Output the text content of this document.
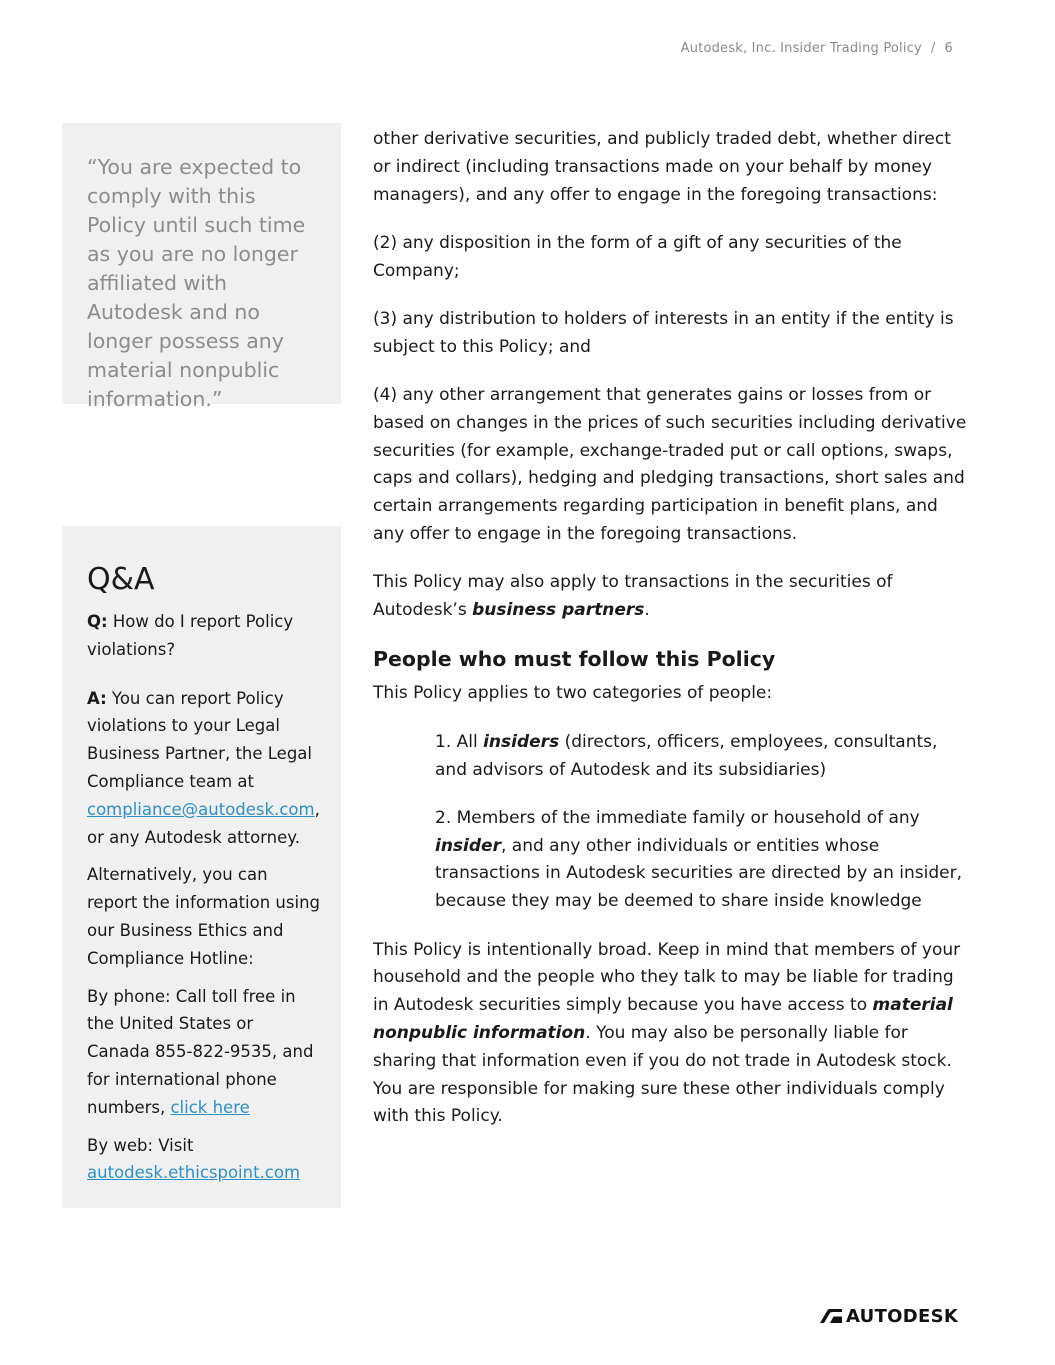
Autodesk, Inc. Insider Trading Policy / 6

“You are expected to comply with this Policy until such time as you are no longer affiliated with Autodesk and no longer possess any material nonpublic information.”

Q&A

Q: How do I report Policy violations?

A: You can report Policy violations to your Legal Business Partner, the Legal Compliance team at compliance@autodesk.com, or any Autodesk attorney.

Alternatively, you can report the information using our Business Ethics and Compliance Hotline:

By phone: Call toll free in the United States or Canada 855-822-9535, and for international phone numbers, click here

By web: Visit
autodesk.ethicspoint.com

other derivative securities, and publicly traded debt, whether direct or indirect (including transactions made on your behalf by money managers), and any offer to engage in the foregoing transactions:

(2) any disposition in the form of a gift of any securities of the Company;

(3) any distribution to holders of interests in an entity if the entity is subject to this Policy; and

(4) any other arrangement that generates gains or losses from or based on changes in the prices of such securities including derivative securities (for example, exchange-traded put or call options, swaps, caps and collars), hedging and pledging transactions, short sales and certain arrangements regarding participation in benefit plans, and any offer to engage in the foregoing transactions.

This Policy may also apply to transactions in the securities of Autodesk’s business partners.

People who must follow this Policy

This Policy applies to two categories of people:

1. All insiders (directors, officers, employees, consultants, and advisors of Autodesk and its subsidiaries)
2. Members of the immediate family or household of any insider, and any other individuals or entities whose transactions in Autodesk securities are directed by an insider, because they may be deemed to share inside knowledge

This Policy is intentionally broad. Keep in mind that members of your household and the people who they talk to may be liable for trading in Autodesk securities simply because you have access to material nonpublic information. You may also be personally liable for sharing that information even if you do not trade in Autodesk stock. You are responsible for making sure these other individuals comply with this Policy.

AUTODESK
